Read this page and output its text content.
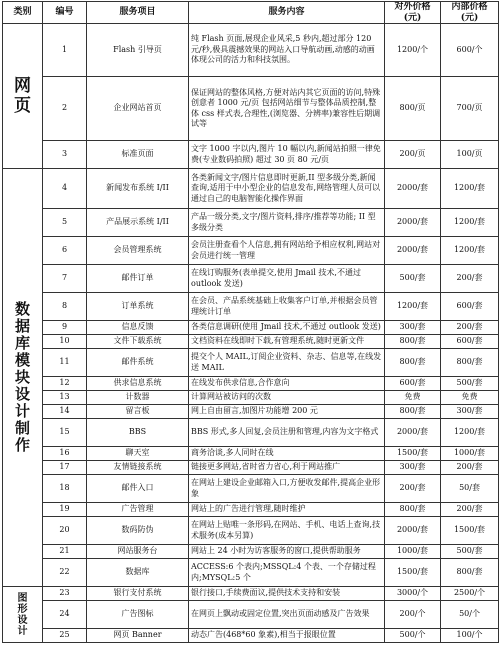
类别	编号	服务项目	服务内容	对外价格(元)	内部价格(元)
网页	1	Flash 引导页	纯 Flash 页面,展现企业风采,5 秒内,超过部分 120 元/秒,极具震撼效果的网站入口导航动画,动感的动画体现公司的活力和科技氛围。	1200/个	600/个
	2	企业网站首页	保证网站的整体风格,方便对站内其它页面的访问,特殊创意者 1000 元/页 包括网站细节与整体品质控制,整体 css 样式表,合理性,(浏览器、分辨率)兼容性后期调试等	800/页	700/页
	3	标准页面	文字 1000 字以内,图片 10 幅以内,新闻站拍照一律免费(专业数码拍照) 超过 30 页 80 元/页	200/页	100/页
数据库模块设计制作	4	新闻发布系统 I/II	各类新闻文字/图片信息即时更新,II 型多级分类,新闻查询,适用于中小型企业的信息发布,网络管理人员可以通过自己的电脑智能化操作界面	2000/套	1200/套
	5	产品展示系统 I/II	产品一级分类,文字/图片资料,排序/推荐等功能; II 型多级分类	2000/套	1200/套
	6	会员管理系统	会员注册查看个人信息,拥有网站给予相应权利,网站对会员进行统一管理	2000/套	1200/套
	7	邮件订单	在线订购服务(表单提交,使用 Jmail 技术,不通过 outlook 发送)	500/套	200/套
	8	订单系统	在会员、产品系统基础上收集客户订单,并根据会员管理统计订单	1200/套	600/套
	9	信息反馈	各类信息调研(使用 Jmail 技术,不通过 outlook 发送)	300/套	200/套
	10	文件下载系统	文档资料在线即时下载,有管理系统,随时更新文件	800/套	600/套
	11	邮件系统	提交个人 MAIL,订阅企业资料、杂志、信息等,在线发送 MAIL	800/套	800/套
	12	供求信息系统	在线发布供求信息,合作意向	600/套	500/套
	13	计数器	计算网站被访问的次数	免费	免费
	14	留言板	网上自由留言,加图片功能增 200 元	800/套	300/套
	15	BBS	BBS 形式,多人回复,会员注册和管理,内容为文字格式	2000/套	1200/套
	16	聊天室	商务洽谈,多人同时在线	1500/套	1000/套
	17	友情链接系统	链接更多网站,省时省力省心,利于网站推广	300/套	200/套
	18	邮件入口	在网站上建设企业邮箱入口,方便收发邮件,提高企业形象	200/套	50/套
	19	广告管理	网站上的广告进行管理,随时维护	800/套	200/套
	20	数码防伪	在网站上贴唯一条形码,在网站、手机、电话上查询,技术服务(成本另算)	2000/套	1500/套
	21	网站服务台	网站上 24 小时为访客服务的窗口,提供帮助服务	1000/套	500/套
	22	数据库	ACCESS:6 个表内;MSSQL:4 个表、一个存储过程内;MYSQL:5 个	1500/套	800/套
图形设计	23	银行支付系统	银行接口,手续费面议,提供技术支持和安装	3000/个	2500/个
	24	广告图标	在网页上飘动或固定位置,突出页面动感及广告效果	200/个	50/个
	25	网页 Banner	动态广告(468*60 象素),相当于报眼位置	500/个	100/个
